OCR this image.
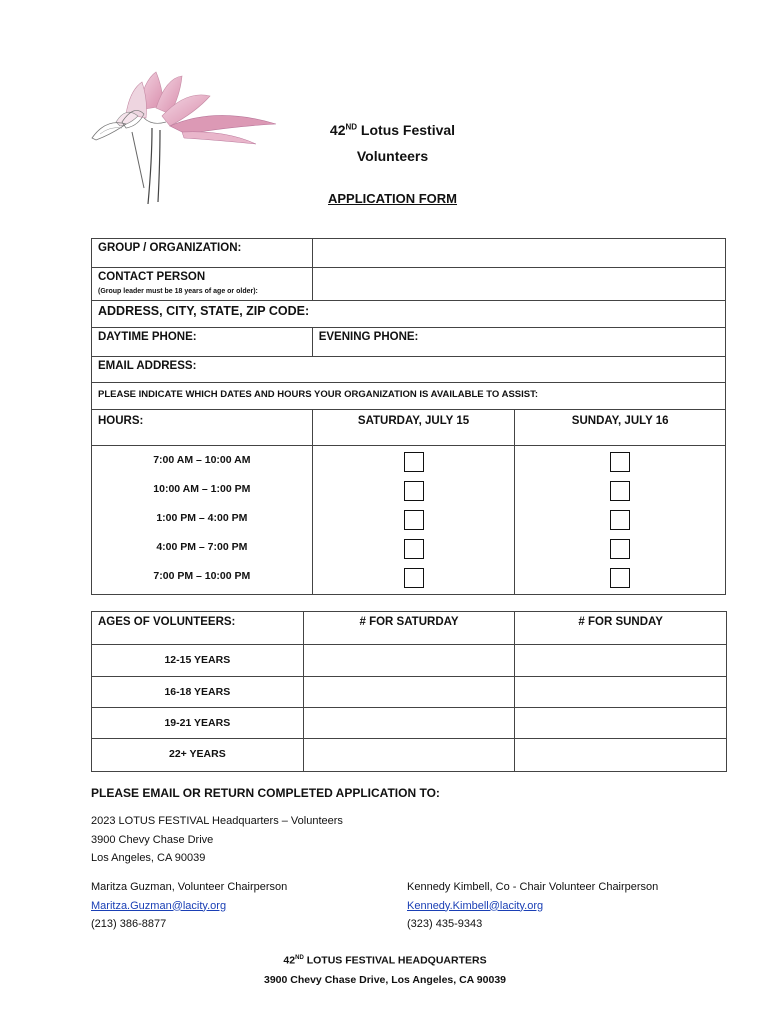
42ND Lotus Festival
Volunteers
APPLICATION FORM
GROUP / ORGANIZATION:		
CONTACT PERSON
(Group leader must be 18 years of age or older):		

ADDRESS, CITY, STATE, ZIP CODE:		
DAYTIME PHONE:	EVENING PHONE:	
EMAIL ADDRESS:		
PLEASE INDICATE WHICH DATES AND HOURS YOUR ORGANIZATION IS AVAILABLE TO ASSIST:		
HOURS:	SATURDAY, JULY 15	SUNDAY, JULY 16
7:00 AM – 10:00 AM		
10:00 AM – 1:00 PM		
1:00 PM – 4:00 PM		
4:00 PM – 7:00 PM		
7:00 PM – 10:00 PM		
AGES OF VOLUNTEERS:	# FOR SATURDAY	# FOR SUNDAY
12-15 YEARS		
16-18 YEARS		
19-21 YEARS		
22+ YEARS		
PLEASE EMAIL OR RETURN COMPLETED APPLICATION TO:
2023 LOTUS FESTIVAL Headquarters – Volunteers
3900 Chevy Chase Drive
Los Angeles, CA 90039
Maritza Guzman, Volunteer Chairperson
Maritza.Guzman@lacity.org
(213) 386-8877
Kennedy Kimbell, Co - Chair Volunteer Chairperson
Kennedy.Kimbell@lacity.org
(323) 435-9343
42ND LOTUS FESTIVAL HEADQUARTERS
3900 Chevy Chase Drive, Los Angeles, CA 90039
